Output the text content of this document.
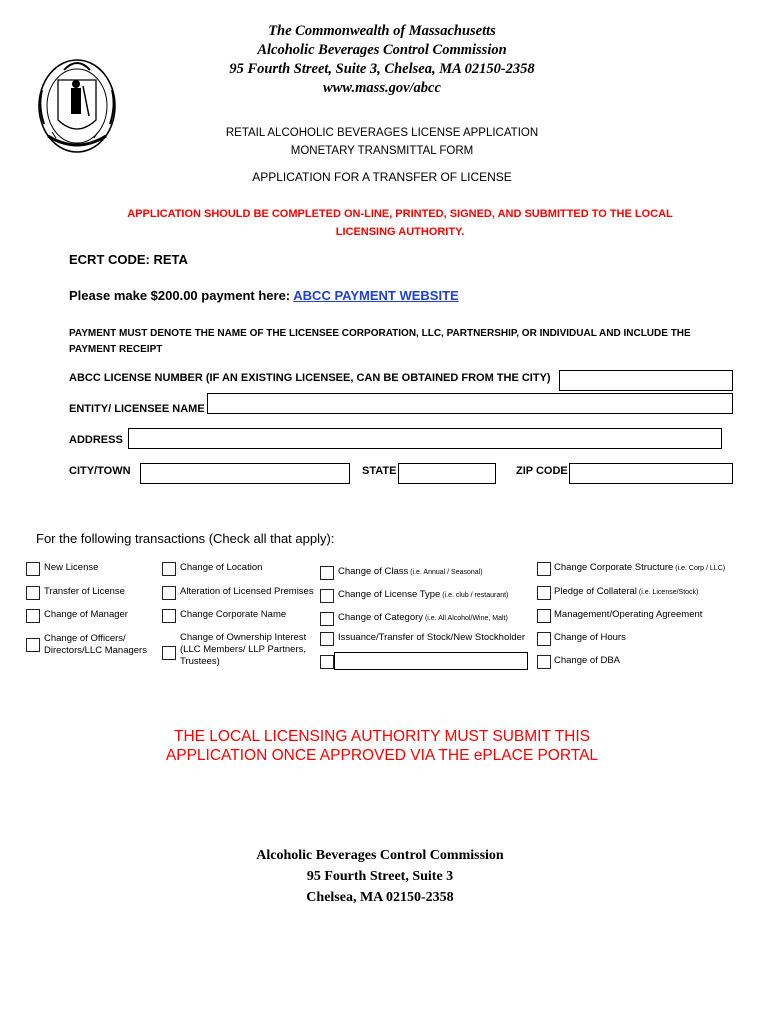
The Commonwealth of Massachusetts
Alcoholic Beverages Control Commission
95 Fourth Street, Suite 3, Chelsea, MA 02150-2358
www.mass.gov/abcc
RETAIL ALCOHOLIC BEVERAGES LICENSE APPLICATION
MONETARY TRANSMITTAL FORM
APPLICATION FOR A TRANSFER OF LICENSE
APPLICATION SHOULD BE COMPLETED ON-LINE, PRINTED, SIGNED, AND SUBMITTED TO THE LOCAL
LICENSING AUTHORITY.
ECRT CODE: RETA
Please make $200.00 payment here: ABCC PAYMENT WEBSITE
PAYMENT MUST DENOTE THE NAME OF THE LICENSEE CORPORATION, LLC, PARTNERSHIP, OR INDIVIDUAL AND INCLUDE THE
PAYMENT RECEIPT
ABCC LICENSE NUMBER (IF AN EXISTING LICENSEE, CAN BE OBTAINED FROM THE CITY)
ENTITY/ LICENSEE NAME
ADDRESS
CITY/TOWN	STATE	ZIP CODE
For the following transactions (Check all that apply):
New License
Transfer of License
Change of Manager
Change of Officers/
Directors/LLC Managers
Change of Location
Alteration of Licensed Premises
Change Corporate Name
Change of Ownership Interest
(LLC Members/ LLP Partners,
Trustees)
Change of Class (i.e. Annual / Seasonal)
Change of License Type (i.e. club / restaurant)
Change of Category (i.e. All Alcohol/Wine, Malt)
Issuance/Transfer of Stock/New Stockholder
Change Corporate Structure (i.e. Corp / LLC)
Pledge of Collateral (i.e. License/Stock)
Management/Operating Agreement
Change of Hours
Change of DBA
THE LOCAL LICENSING AUTHORITY MUST SUBMIT THIS
APPLICATION ONCE APPROVED VIA THE ePLACE PORTAL
Alcoholic Beverages Control Commission
95 Fourth Street, Suite 3
Chelsea, MA 02150-2358
